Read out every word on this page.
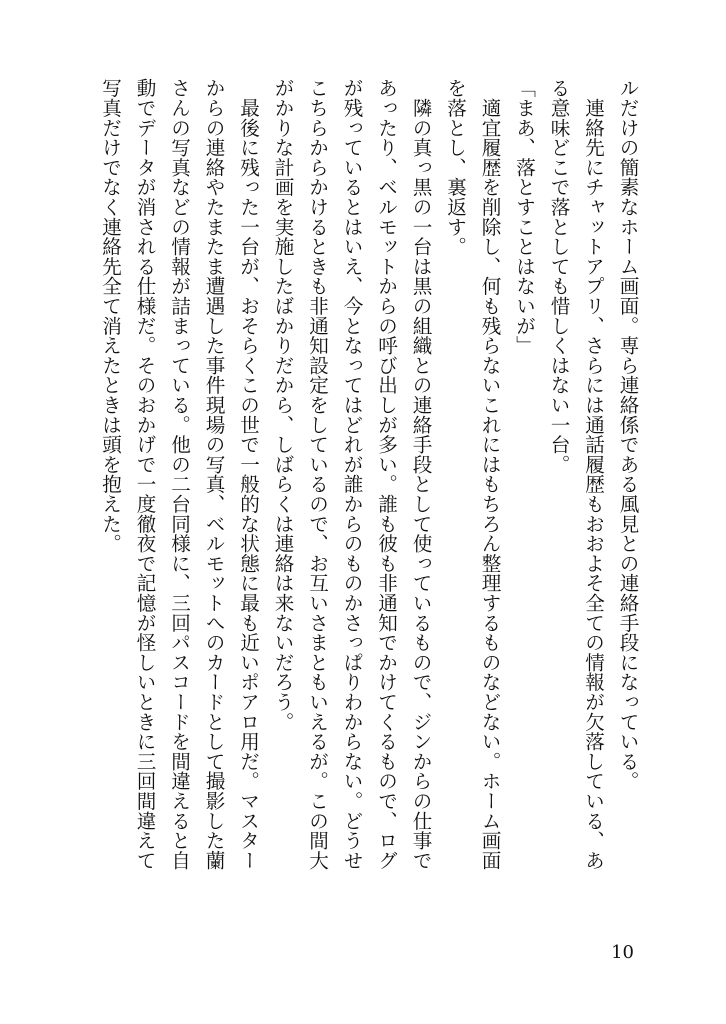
ルだけの簡素なホーム画面。専ら連絡係である風見との連絡手段になっている。

　連絡先にチャットアプリ、さらには通話履歴もおおよそ全ての情報が欠落している、あ

る意味どこで落としても惜しくはない一台。

「まあ、落とすことはないが」

　適宜履歴を削除し、何も残らないこれにはもちろん整理するものなどない。ホーム画面

を落とし、裏返す。

　隣の真っ黒の一台は黒の組織との連絡手段として使っているもので、ジンからの仕事で

あったり、ベルモットからの呼び出しが多い。誰も彼も非通知でかけてくるもので、ログ

が残っているとはいえ、今となってはどれが誰からのものかさっぱりわからない。どうせ

こちらからかけるときも非通知設定をしているので、お互いさまともいえるが。この間大

がかりな計画を実施したばかりだから、しばらくは連絡は来ないだろう。

　最後に残った一台が、おそらくこの世で一般的な状態に最も近いポアロ用だ。マスター

からの連絡やたまたま遭遇した事件現場の写真、ベルモットへのカードとして撮影した蘭

さんの写真などの情報が詰まっている。他の二台同様に、三回パスコードを間違えると自

動でデータが消される仕様だ。そのおかげで一度徹夜で記憶が怪しいときに三回間違えて

写真だけでなく連絡先全て消えたときは頭を抱えた。

10
